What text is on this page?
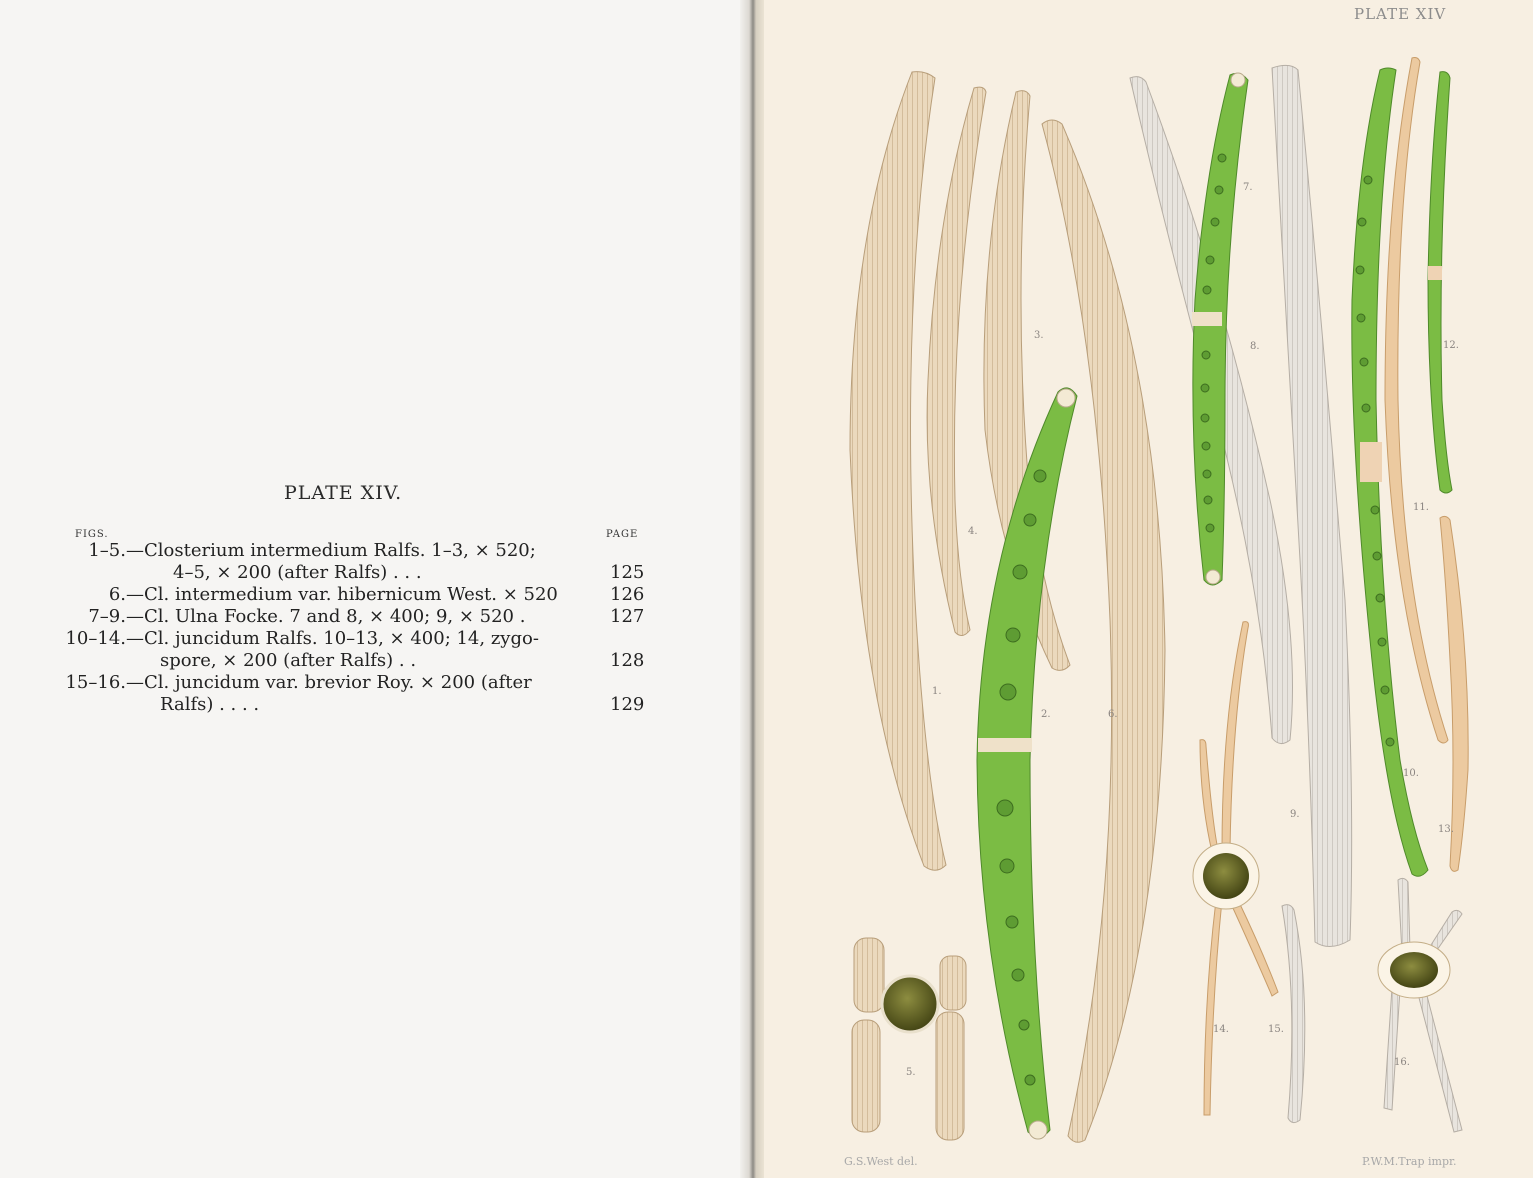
PLATE XIV.
FIGS.	PAGE
1–5.— Closterium intermedium Ralfs. 1–3, × 520;
4–5, × 200 (after Ralfs) . . .	125
6.— Cl. intermedium var. hibernicum West. × 520	126
7–9.— Cl. Ulna Focke. 7 and 8, × 400; 9, × 520 .	127
10–14.— Cl. juncidum Ralfs. 10–13, × 400; 14, zygo-
spore, × 200 (after Ralfs) . .	128
15–16.— Cl. juncidum var. brevior Roy. × 200 (after
Ralfs) . . . .	129
PLATE XIV
G.S.West del.	P.W.M.Trap impr.
1.
2.
3.
4.
5.
6.
7.
8.
9.
10.
11.
12.
13.
14.	15.
16.
